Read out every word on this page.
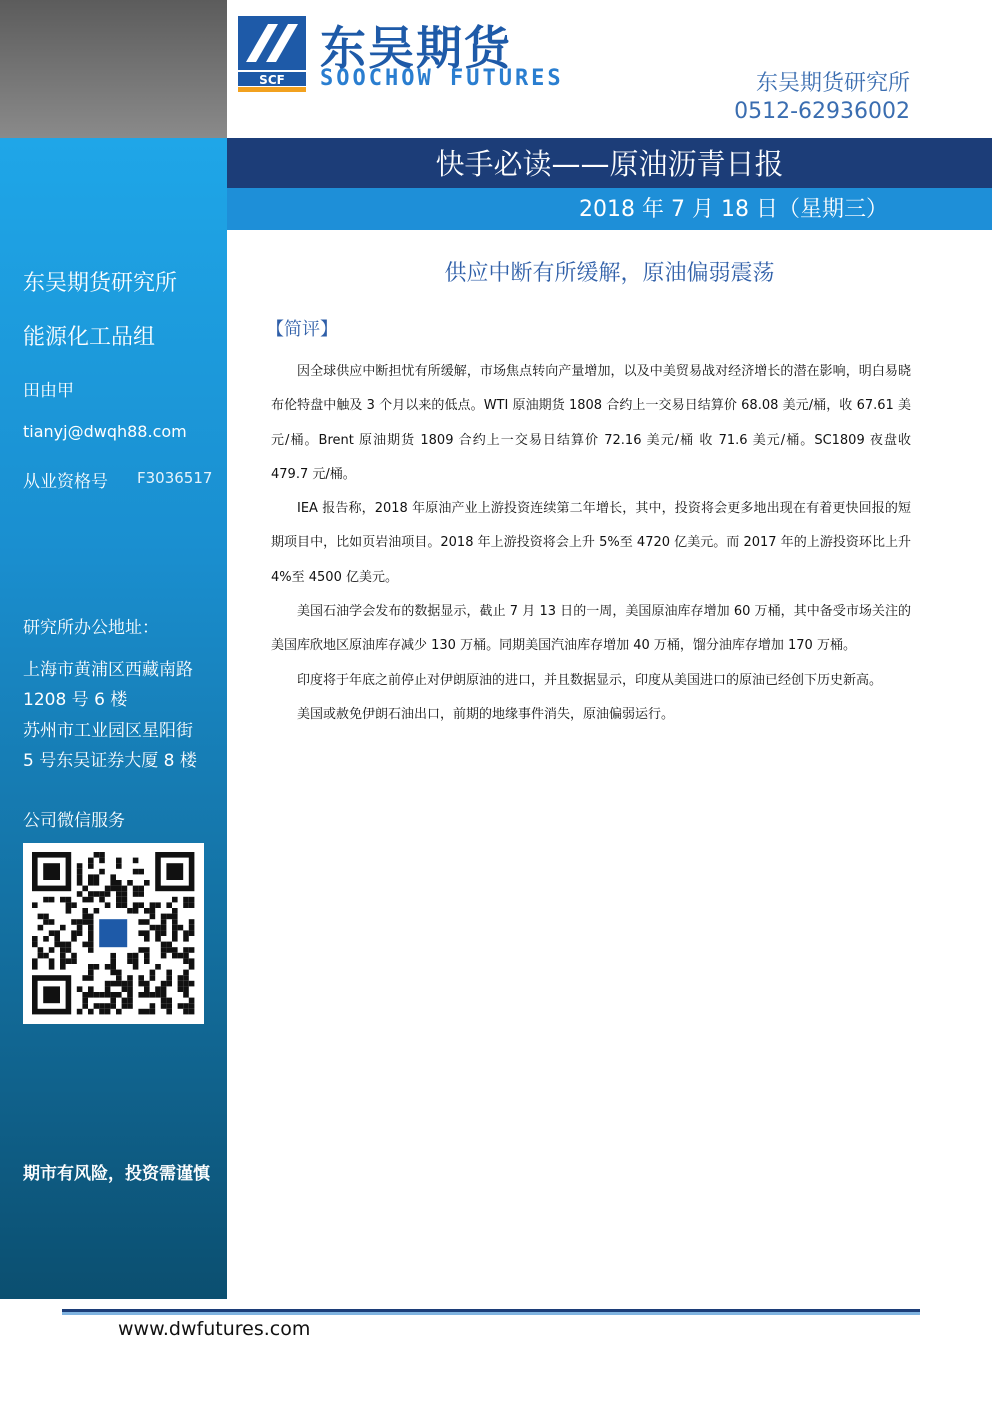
SCF
东吴期货
SOOCHOW FUTURES	东吴期货研究所
0512-62936002
快手必读——原油沥青日报
2018 年 7 月 18 日（星期三）
东吴期货研究所
能源化工品组
田由甲
tianyj@dwqh88.com
从业资格号 F3036517
研究所办公地址：
上海市黄浦区西藏南路
1208 号 6 楼
苏州市工业园区星阳街
5 号东吴证券大厦 8 楼
公司微信服务
期市有风险，投资需谨慎
供应中断有所缓解，原油偏弱震荡
【简评】

因全球供应中断担忧有所缓解，市场焦点转向产量增加，以及中美贸易战对经济增长的潜在影响，明白易晓布伦特盘中触及 3 个月以来的低点。WTI 原油期货 1808 合约上一交易日结算价 68.08 美元/桶，收 67.61 美元/桶。Brent 原油期货 1809 合约上一交易日结算价 72.16 美元/桶 收 71.6 美元/桶。SC1809 夜盘收 479.7 元/桶。

IEA 报告称，2018 年原油产业上游投资连续第二年增长，其中，投资将会更多地出现在有着更快回报的短期项目中，比如页岩油项目。2018 年上游投资将会上升 5%至 4720 亿美元。而 2017 年的上游投资环比上升 4%至 4500 亿美元。

美国石油学会发布的数据显示，截止 7 月 13 日的一周，美国原油库存增加 60 万桶，其中备受市场关注的美国库欣地区原油库存减少 130 万桶。同期美国汽油库存增加 40 万桶，馏分油库存增加 170 万桶。

印度将于年底之前停止对伊朗原油的进口，并且数据显示，印度从美国进口的原油已经创下历史新高。

美国或赦免伊朗石油出口，前期的地缘事件消失，原油偏弱运行。

www.dwfutures.com
